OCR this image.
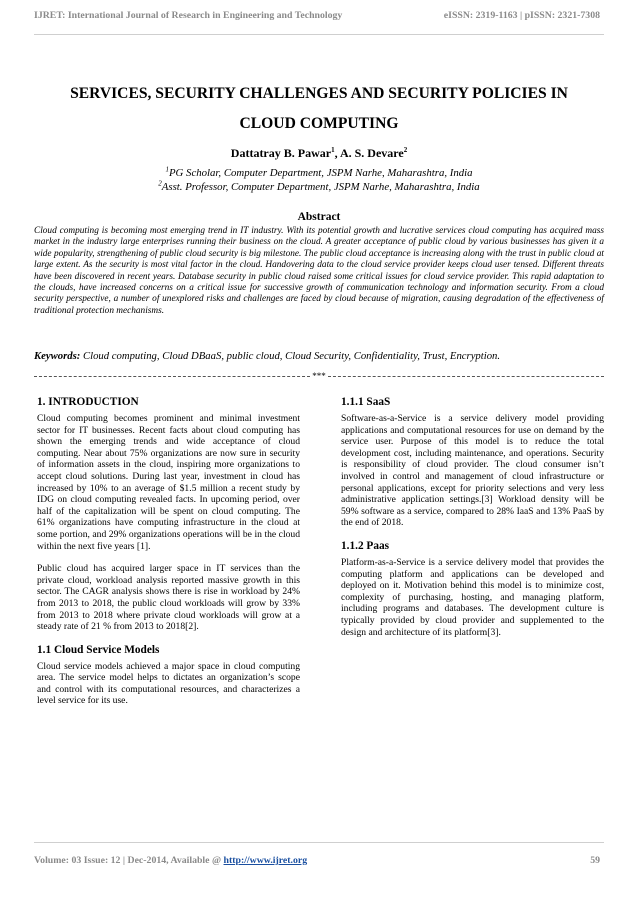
IJRET: International Journal of Research in Engineering and Technology	eISSN: 2319-1163 | pISSN: 2321-7308
SERVICES, SECURITY CHALLENGES AND SECURITY POLICIES IN
CLOUD COMPUTING
Dattatray B. Pawar$^1$, A. S. Devare$^2$
$^1$PG Scholar, Computer Department, JSPM Narhe, Maharashtra, India
$^2$Asst. Professor, Computer Department, JSPM Narhe, Maharashtra, India
Abstract
Cloud computing is becoming most emerging trend in IT industry. With its potential growth and lucrative services cloud computing has acquired mass market in the industry large enterprises running their business on the cloud. A greater acceptance of public cloud by various businesses has given it a wide popularity, strengthening of public cloud security is big milestone. The public cloud acceptance is increasing along with the trust in public cloud at large extent. As the security is most vital factor in the cloud. Handovering data to the cloud service provider keeps cloud user tensed. Different threats have been discovered in recent years. Database security in public cloud raised some critical issues for cloud service provider. This rapid adaptation to the clouds, have increased concerns on a critical issue for successive growth of communication technology and information security. From a cloud security perspective, a number of unexplored risks and challenges are faced by cloud because of migration, causing degradation of the effectiveness of traditional protection mechanisms.
Keywords: Cloud computing, Cloud DBaaS, public cloud, Cloud Security, Confidentiality, Trust, Encryption.
***
1. INTRODUCTION

Cloud computing becomes prominent and minimal investment sector for IT businesses. Recent facts about cloud computing has shown the emerging trends and wide acceptance of cloud computing. Near about 75% organizations are now sure in security of information assets in the cloud, inspiring more organizations to accept cloud solutions. During last year, investment in cloud has increased by 10% to an average of $1.5 million a recent study by IDG on cloud computing revealed facts. In upcoming period, over half of the capitalization will be spent on cloud computing. The 61% organizations have computing infrastructure in the cloud at some portion, and 29% organizations operations will be in the cloud within the next five years [1].

Public cloud has acquired larger space in IT services than the private cloud, workload analysis reported massive growth in this sector. The CAGR analysis shows there is rise in workload by 24% from 2013 to 2018, the public cloud workloads will grow by 33% from 2013 to 2018 where private cloud workloads will grow at a steady rate of 21 % from 2013 to 2018[2].

1.1 Cloud Service Models

Cloud service models achieved a major space in cloud computing area. The service model helps to dictates an organization’s scope and control with its computational resources, and characterizes a level service for its use.

1.1.1 SaaS

Software-as-a-Service is a service delivery model providing applications and computational resources for use on demand by the service user. Purpose of this model is to reduce the total development cost, including maintenance, and operations. Security is responsibility of cloud provider. The cloud consumer isn’t involved in control and management of cloud infrastructure or personal applications, except for priority selections and very less administrative application settings.[3] Workload density will be 59% software as a service, compared to 28% IaaS and 13% PaaS by the end of 2018.

1.1.2 Paas

Platform-as-a-Service is a service delivery model that provides the computing platform and applications can be developed and deployed on it. Motivation behind this model is to minimize cost, complexity of purchasing, hosting, and managing platform, including programs and databases. The development culture is typically provided by cloud provider and supplemented to the design and architecture of its platform[3].

Volume: 03 Issue: 12 | Dec-2014, Available @ http://www.ijret.org	59
